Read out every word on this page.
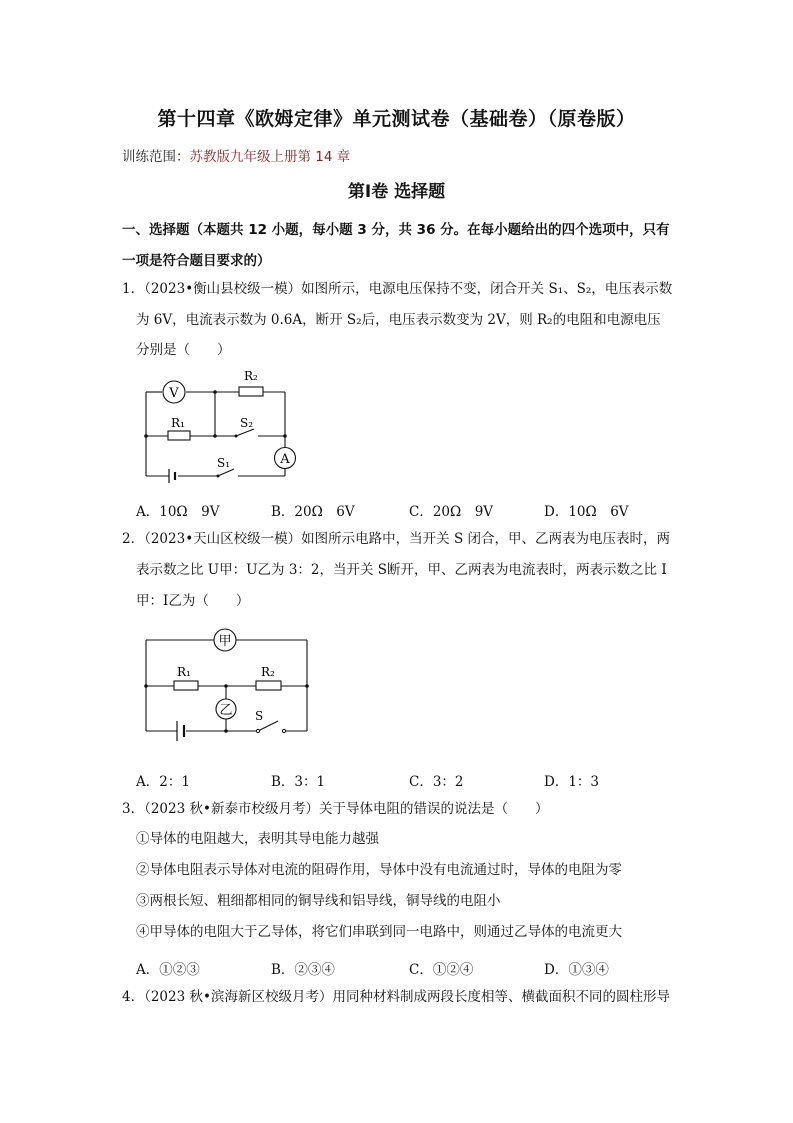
第十四章《欧姆定律》单元测试卷（基础卷）（原卷版）
训练范围：苏教版九年级上册第 14 章
第Ⅰ卷 选择题
一、选择题（本题共 12 小题，每小题 3 分，共 36 分。在每小题给出的四个选项中，只有
一项是符合题目要求的）
1．（2023•衡山县校级一模）如图所示，电源电压保持不变，闭合开关 S₁、S₂，电压表示数
为 6V，电流表示数为 0.6A，断开 S₂后，电压表示数变为 2V，则 R₂的电阻和电源电压
分别是（　　）
V
A
R₂
R₁	S₂
S₁
A．10Ω　9V	B．20Ω　6V	C．20Ω　9V	D．10Ω　6V
2．（2023•天山区校级一模）如图所示电路中，当开关 S 闭合，甲、乙两表为电压表时，两
表示数之比 U甲：U乙为 3：2，当开关 S断开，甲、乙两表为电流表时，两表示数之比 I
甲：I乙为（　　）
甲
乙
R₁	R₂
S
A．2：1	B．3：1	C．3：2	D．1：3
3．（2023 秋•新泰市校级月考）关于导体电阻的错误的说法是（　　）
①导体的电阻越大，表明其导电能力越强
②导体电阻表示导体对电流的阻碍作用，导体中没有电流通过时，导体的电阻为零
③两根长短、粗细都相同的铜导线和铝导线，铜导线的电阻小
④甲导体的电阻大于乙导体，将它们串联到同一电路中，则通过乙导体的电流更大
A．①②③	B．②③④	C．①②④	D．①③④
4．（2023 秋•滨海新区校级月考）用同种材料制成两段长度相等、横截面积不同的圆柱形导
